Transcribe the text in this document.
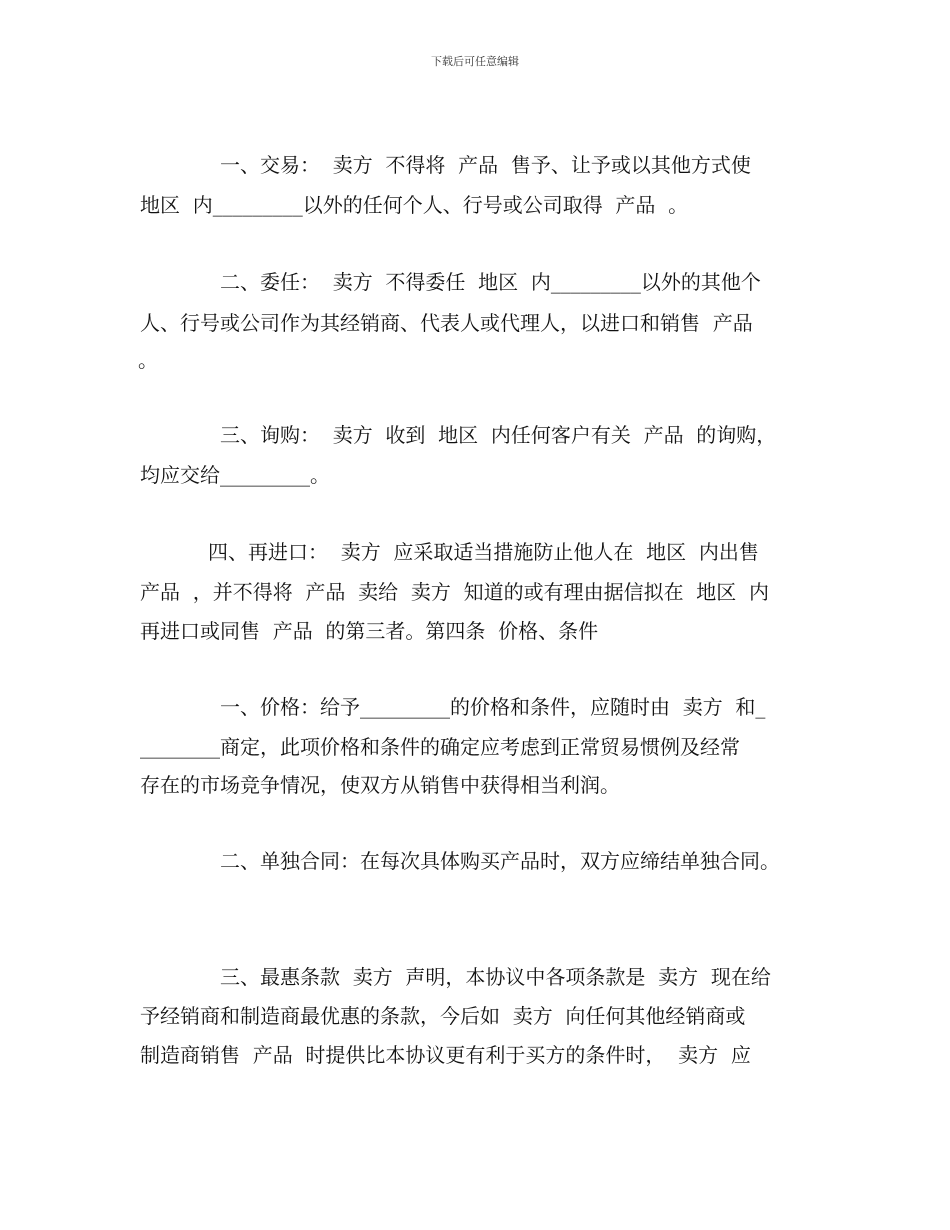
下载后可任意编辑
一、交易：  卖方  不得将  产品  售予、让予或以其他方式使
地区  内_________以外的任何个人、行号或公司取得  产品  。
二、委任：  卖方  不得委任  地区  内_________以外的其他个
人、行号或公司作为其经销商、代表人或代理人，以进口和销售  产品
。
三、询购：  卖方  收到  地区  内任何客户有关  产品  的询购，
均应交给_________。
四、再进口：  卖方  应采取适当措施防止他人在  地区  内出售
产品  ，并不得将  产品  卖给  卖方  知道的或有理由据信拟在  地区  内
再进口或同售  产品  的第三者。第四条  价格、条件
一、价格：给予_________的价格和条件，应随时由  卖方  和_
________商定，此项价格和条件的确定应考虑到正常贸易惯例及经常
存在的市场竞争情况，使双方从销售中获得相当利润。
二、单独合同：在每次具体购买产品时，双方应缔结单独合同。
三、最惠条款  卖方  声明，本协议中各项条款是  卖方  现在给
予经销商和制造商最优惠的条款，今后如  卖方  向任何其他经销商或
制造商销售  产品  时提供比本协议更有利于买方的条件时，  卖方  应
